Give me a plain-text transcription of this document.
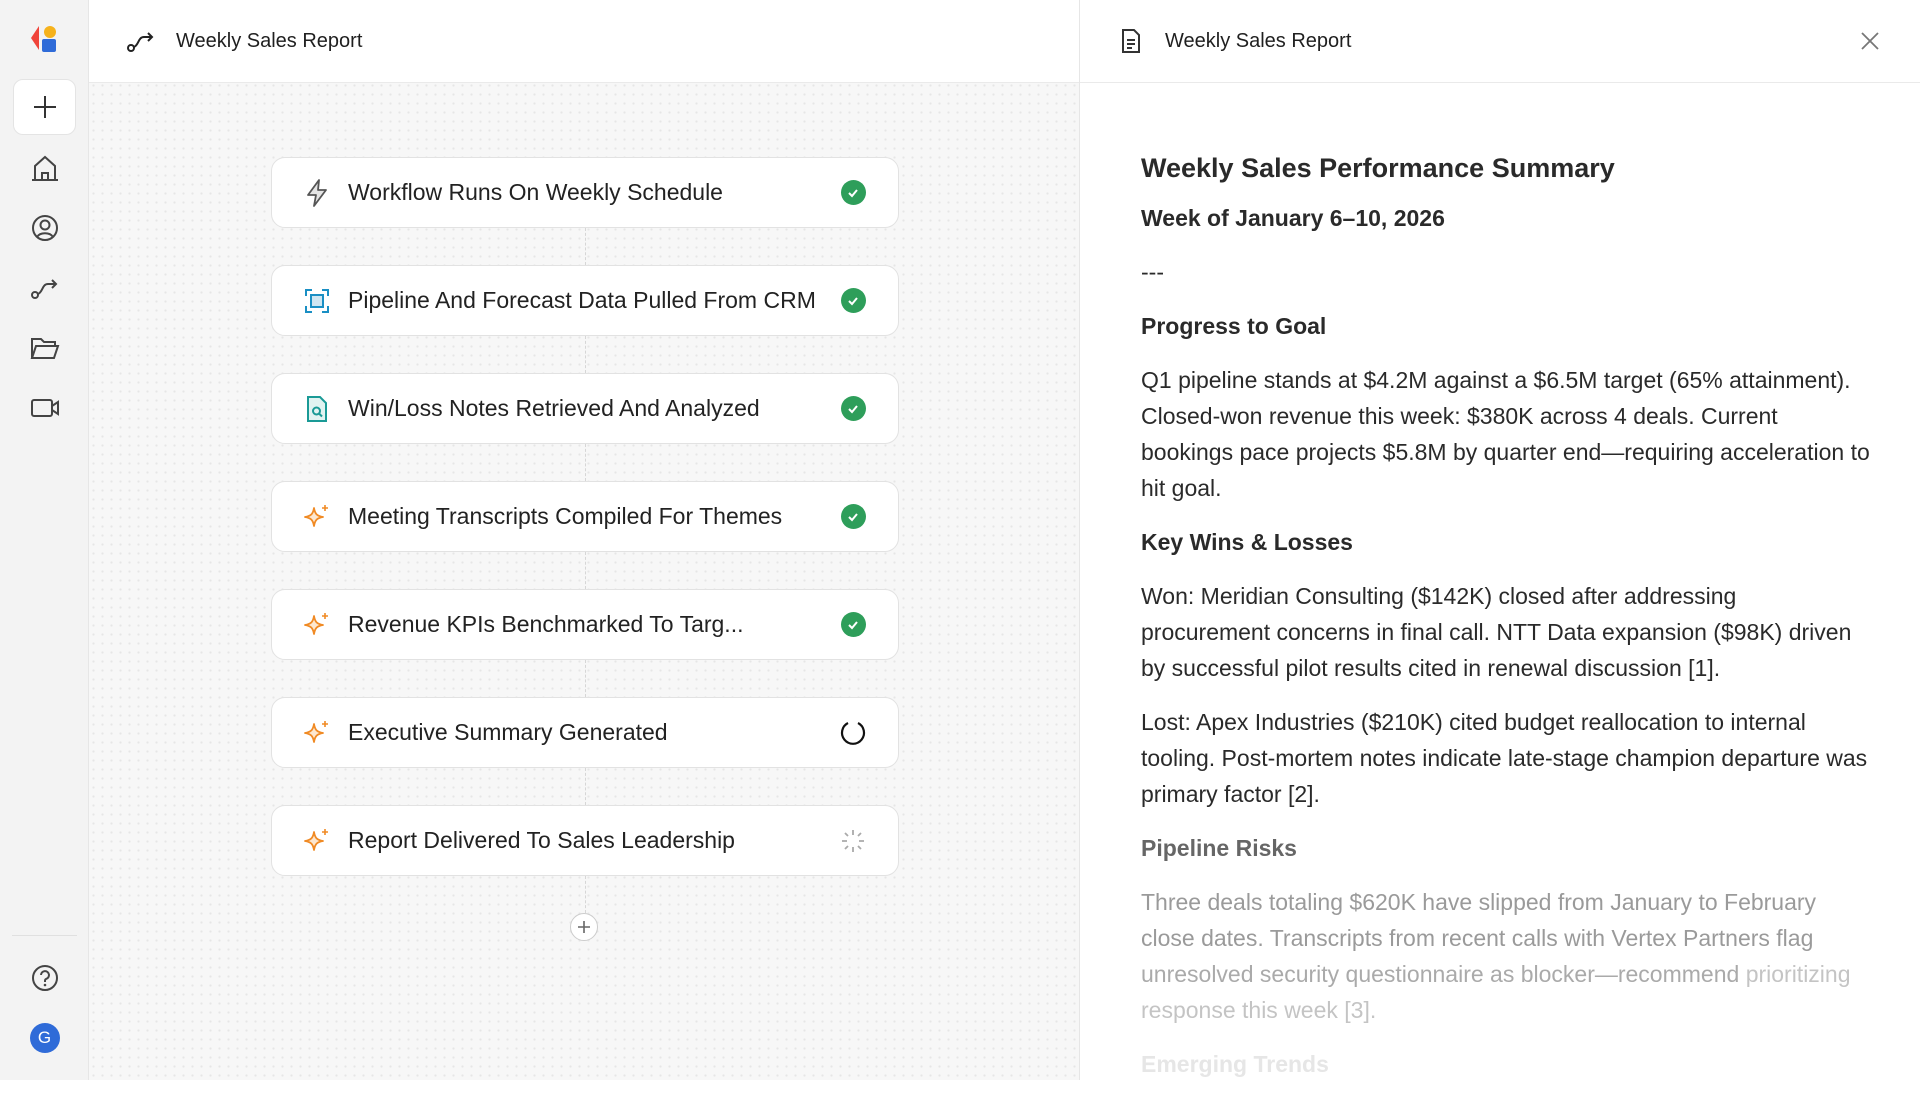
G
Weekly Sales Report
Workflow Runs On Weekly Schedule
Pipeline And Forecast Data Pulled From CRM
Win/Loss Notes Retrieved And Analyzed
Meeting Transcripts Compiled For Themes
Revenue KPIs Benchmarked To Targ...
Executive Summary Generated
Report Delivered To Sales Leadership
Weekly Sales Report
Weekly Sales Performance Summary
Week of January 6–10, 2026

---

Progress to Goal

Q1 pipeline stands at $4.2M against a $6.5M target (65% attainment). Closed-won revenue this week: $380K across 4 deals. Current bookings pace projects $5.8M by quarter end—requiring acceleration to hit goal.

Key Wins & Losses

Won: Meridian Consulting ($142K) closed after addressing procurement concerns in final call. NTT Data expansion ($98K) driven by successful pilot results cited in renewal discussion [1].

Lost: Apex Industries ($210K) cited budget reallocation to internal tooling. Post-mortem notes indicate late-stage champion departure was primary factor [2].

Pipeline Risks

Three deals totaling $620K have slipped from January to February close dates. Transcripts from recent calls with Vertex Partners flag unresolved security questionnaire as blocker—recommend prioritizing response this week [3].

Emerging Trends
